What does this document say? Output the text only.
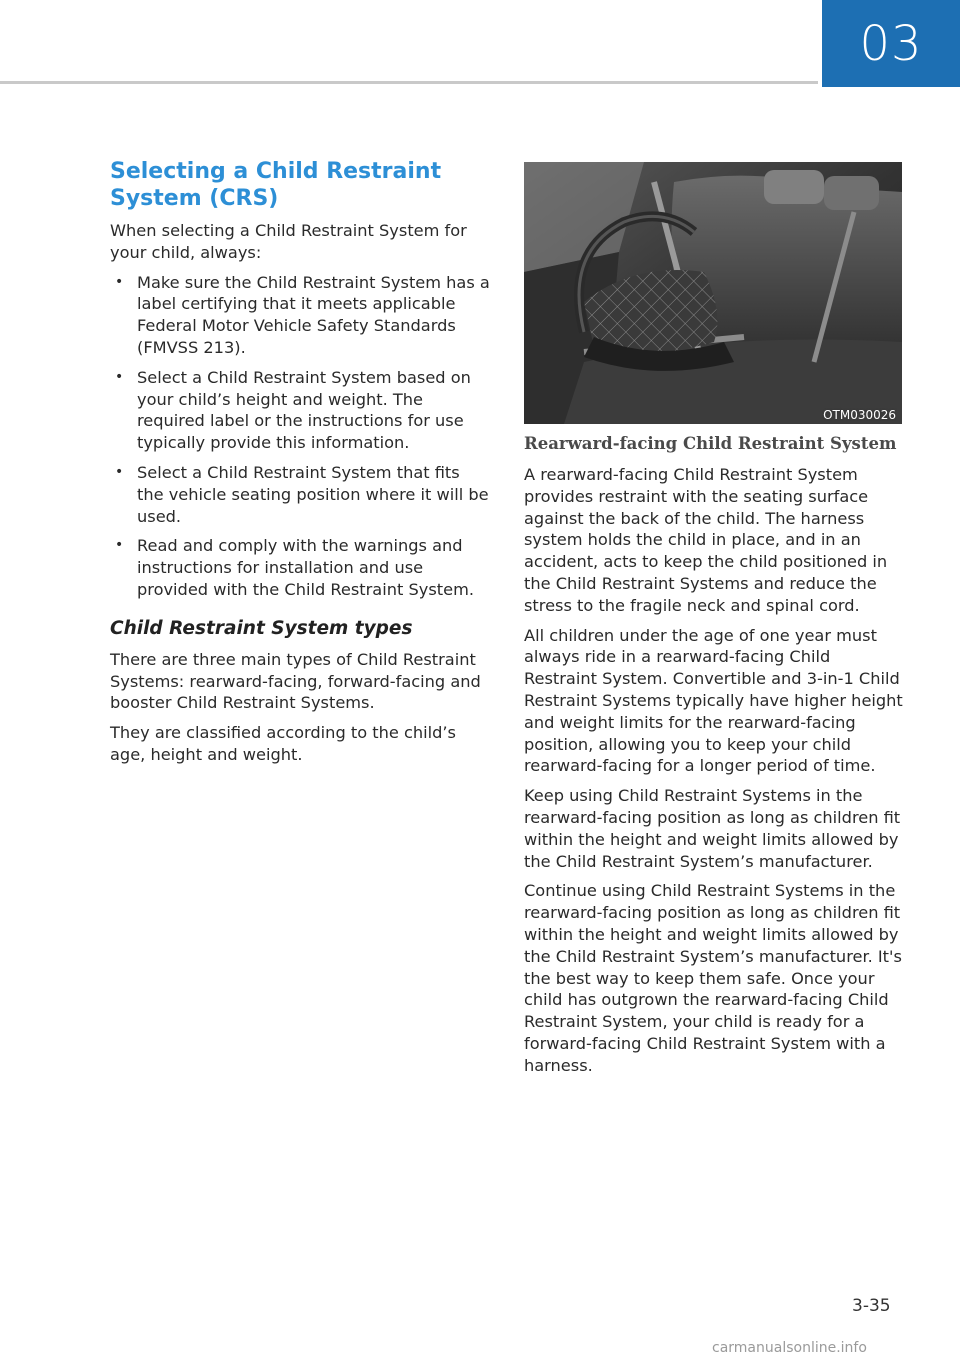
03
Selecting a Child Restraint System (CRS)

When selecting a Child Restraint System for your child, always:

• Make sure the Child Restraint System has a label certifying that it meets applicable Federal Motor Vehicle Safety Standards (FMVSS 213).
• Select a Child Restraint System based on your child’s height and weight. The required label or the instructions for use typically provide this information.
• Select a Child Restraint System that fits the vehicle seating position where it will be used.
• Read and comply with the warnings and instructions for installation and use provided with the Child Restraint System.
Child Restraint System types

There are three main types of Child Restraint Systems: rearward-facing, forward-facing and booster Child Restraint Systems.

They are classified according to the child’s age, height and weight.

OTM030026
Rearward-facing Child Restraint System

A rearward-facing Child Restraint System provides restraint with the seating surface against the back of the child. The harness system holds the child in place, and in an accident, acts to keep the child positioned in the Child Restraint Systems and reduce the stress to the fragile neck and spinal cord.

All children under the age of one year must always ride in a rearward-facing Child Restraint System. Convertible and 3-in-1 Child Restraint Systems typically have higher height and weight limits for the rearward-facing position, allowing you to keep your child rearward-facing for a longer period of time.

Keep using Child Restraint Systems in the rearward-facing position as long as children fit within the height and weight limits allowed by the Child Restraint System’s manufacturer.

Continue using Child Restraint Systems in the rearward-facing position as long as children fit within the height and weight limits allowed by the Child Restraint System’s manufacturer. It's the best way to keep them safe. Once your child has outgrown the rearward-facing Child Restraint System, your child is ready for a forward-facing Child Restraint System with a harness.

3-35
carmanualsonline.info
